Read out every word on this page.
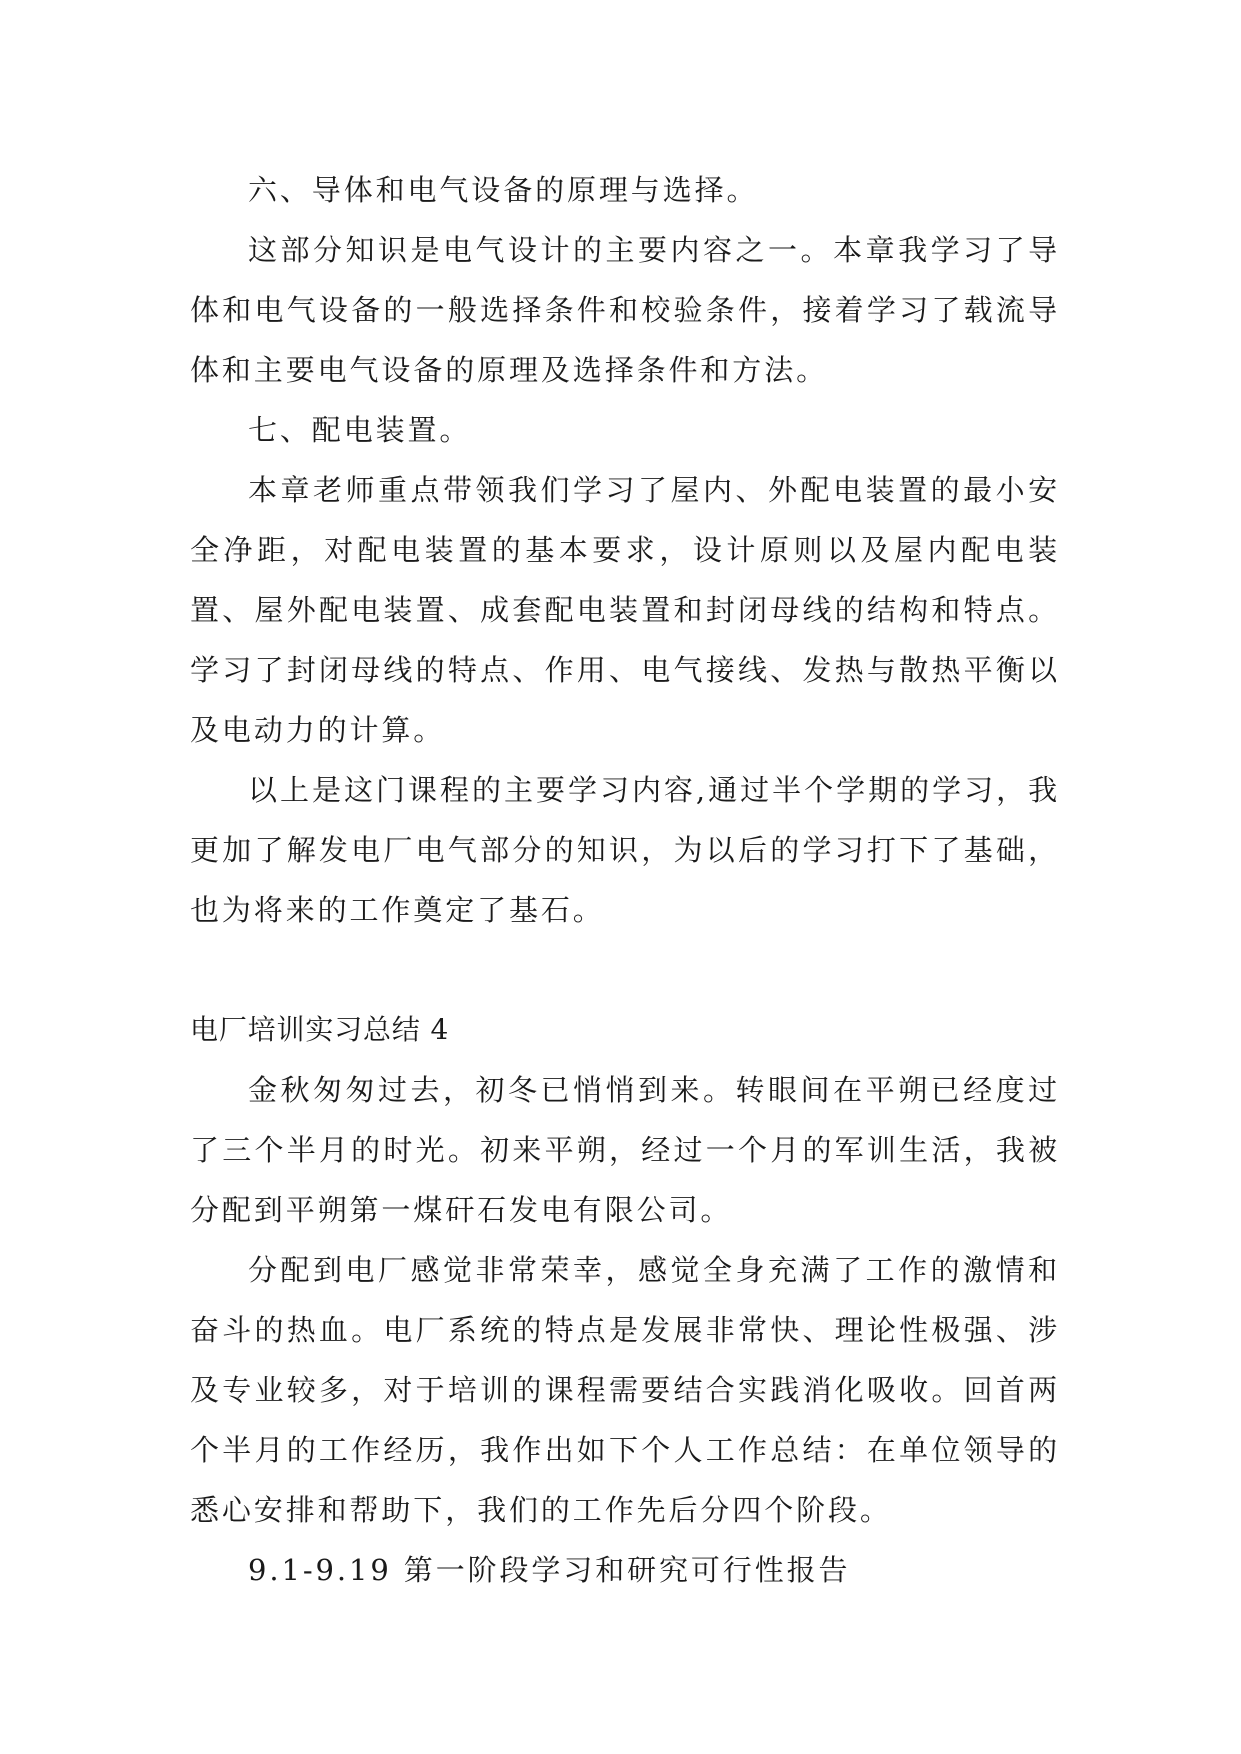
六、导体和电气设备的原理与选择。

这部分知识是电气设计的主要内容之一。本章我学习了导体和电气设备的一般选择条件和校验条件，接着学习了载流导体和主要电气设备的原理及选择条件和方法。

七、配电装置。

本章老师重点带领我们学习了屋内、外配电装置的最小安全净距，对配电装置的基本要求，设计原则以及屋内配电装置、屋外配电装置、成套配电装置和封闭母线的结构和特点。学习了封闭母线的特点、作用、电气接线、发热与散热平衡以及电动力的计算。

以上是这门课程的主要学习内容,通过半个学期的学习，我更加了解发电厂电气部分的知识，为以后的学习打下了基础，也为将来的工作奠定了基石。

电厂培训实习总结 4

金秋匆匆过去，初冬已悄悄到来。转眼间在平朔已经度过了三个半月的时光。初来平朔，经过一个月的军训生活，我被分配到平朔第一煤矸石发电有限公司。

分配到电厂感觉非常荣幸，感觉全身充满了工作的激情和奋斗的热血。电厂系统的特点是发展非常快、理论性极强、涉及专业较多，对于培训的课程需要结合实践消化吸收。回首两个半月的工作经历，我作出如下个人工作总结：在单位领导的悉心安排和帮助下，我们的工作先后分四个阶段。

9.1-9.19 第一阶段学习和研究可行性报告
